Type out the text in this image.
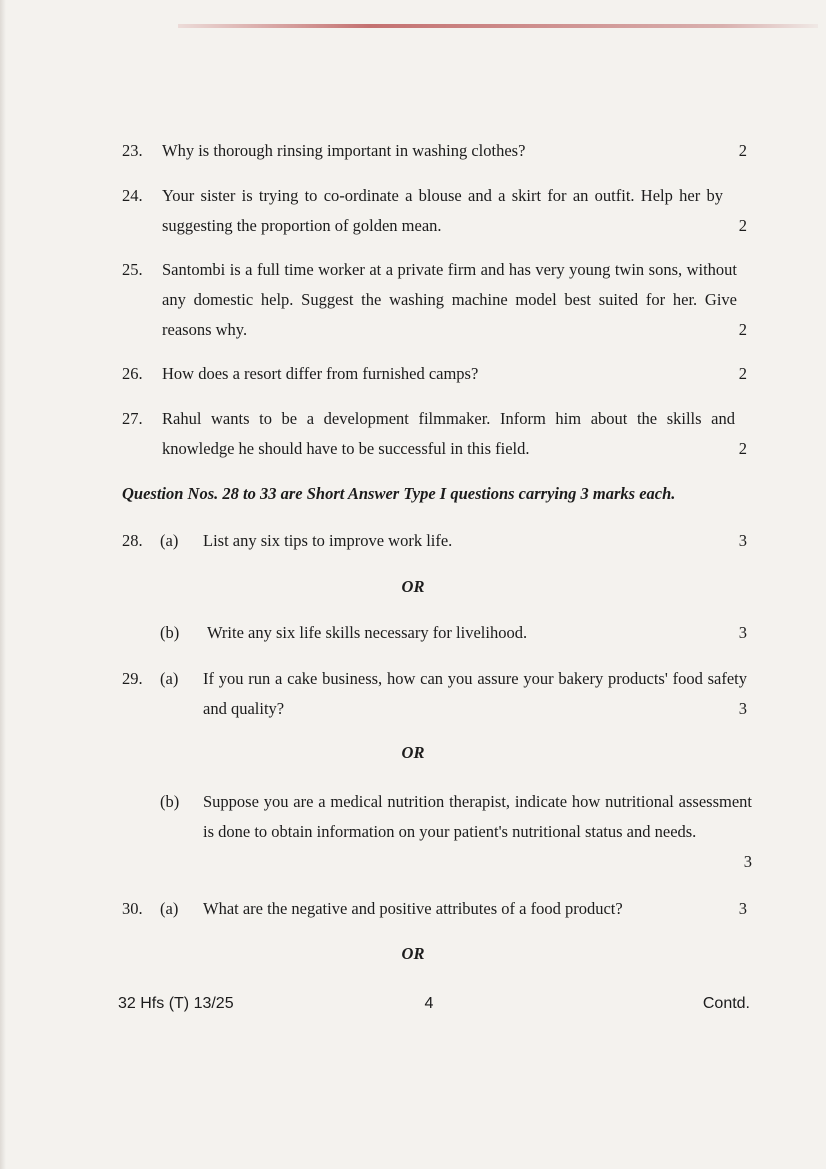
23. Why is thorough rinsing important in washing clothes?	2
24. Your sister is trying to co-ordinate a blouse and a skirt for an outfit. Help her by suggesting the proportion of golden mean.	2
25. Santombi is a full time worker at a private firm and has very young twin sons, without any domestic help. Suggest the washing machine model best suited for her. Give reasons why.	2
26. How does a resort differ from furnished camps?	2
27. Rahul wants to be a development filmmaker. Inform him about the skills and knowledge he should have to be successful in this field.	2
Question Nos. 28 to 33 are Short Answer Type I questions carrying 3 marks each.
28. (a) List any six tips to improve work life.	3
OR
(b) Write any six life skills necessary for livelihood.	3
29. (a) If you run a cake business, how can you assure your bakery products' food safety and quality?	3
OR
(b) Suppose you are a medical nutrition therapist, indicate how nutritional assessment is done to obtain information on your patient's nutritional status and needs.
3
30. (a) What are the negative and positive attributes of a food product?	3
OR
32 Hfs (T) 13/25	4	Contd.
